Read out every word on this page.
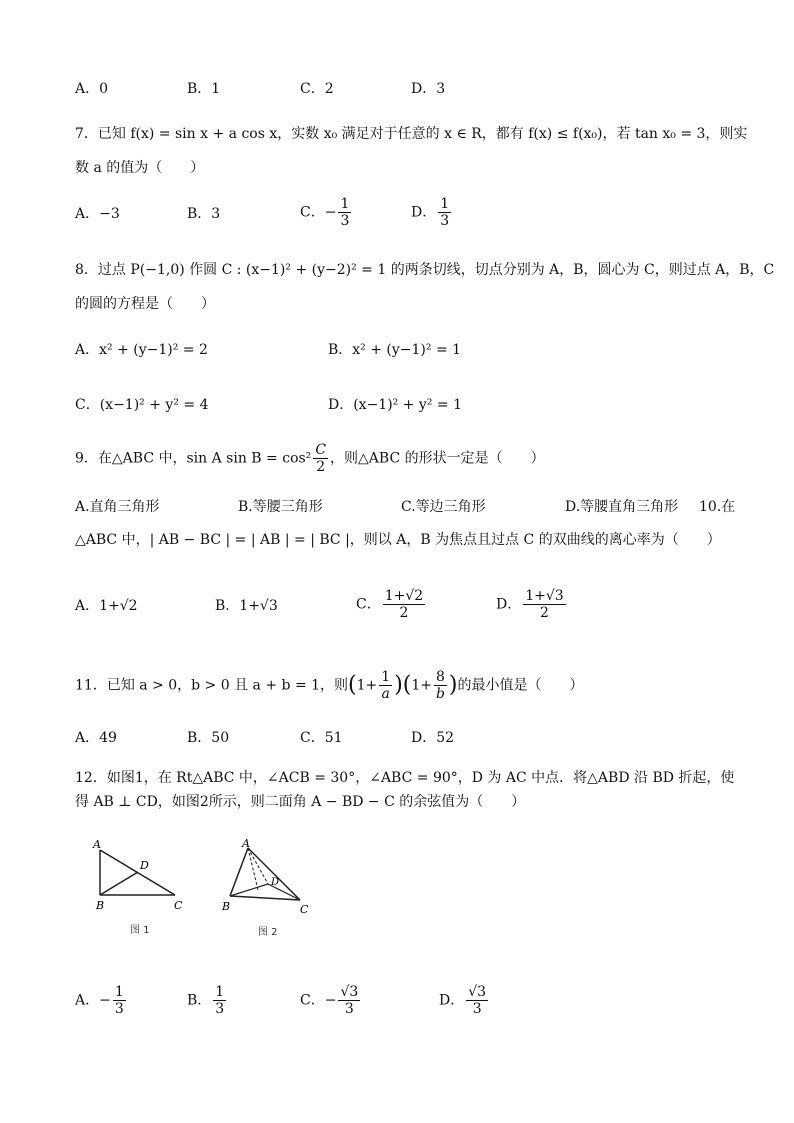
A．0	B．1	C．2	D．3
7．已知 f(x) = sin x + a cos x，实数 x₀ 满足对于任意的 x ∈ R，都有 f(x) ≤ f(x₀)，若 tan x₀ = 3，则实
数 a 的值为（　　）
A．−3	B．3	C．− $\frac{1}{3}$	D． $\frac{1}{3}$
8．过点 P(−1,0) 作圆 C : (x−1)² + (y−2)² = 1 的两条切线，切点分别为 A，B，圆心为 C，则过点 A，B，C
的圆的方程是（　　）
A．x² + (y−1)² = 2	B．x² + (y−1)² = 1
C．(x−1)² + y² = 4	D．(x−1)² + y² = 1
9．在△ABC 中，sin A $\sin B = \cos^2 \frac{C}{2}$ ，则△ABC 的形状一定是（　　）
A.直角三角形	B.等腰三角形	C.等边三角形	D.等腰直角三角形 10.在
△ABC 中，| AB − BC | = | AB | = | BC |，则以 A，B 为焦点且过点 C 的双曲线的离心率为（　　）
A．1+√2	B．1+√3	C． $\frac{1+√2}{2}$	D． $\frac{1+√3}{2}$
11．已知 a > 0，b > 0 且 a + b = 1，则$(1+ \frac{1}{a} )(1+ \frac{8}{b}$ )的最小值是（　　）
A．49	B．50	C．51	D．52
12．如图1，在 Rt△ABC 中，∠ACB = 30°，∠ABC = 90°，D 为 AC 中点．将△ABD 沿 BD 折起，使
得 AB ⊥ CD，如图2所示，则二面角 A − BD − C 的余弦值为（　　）
A
B	C
D
图 1
A
B	C
D
图 2
A．− $\frac{1}{3}$	B． $\frac{1}{3}$	C．− $\frac{√3}{3}$	D． $\frac{√3}{3}$
